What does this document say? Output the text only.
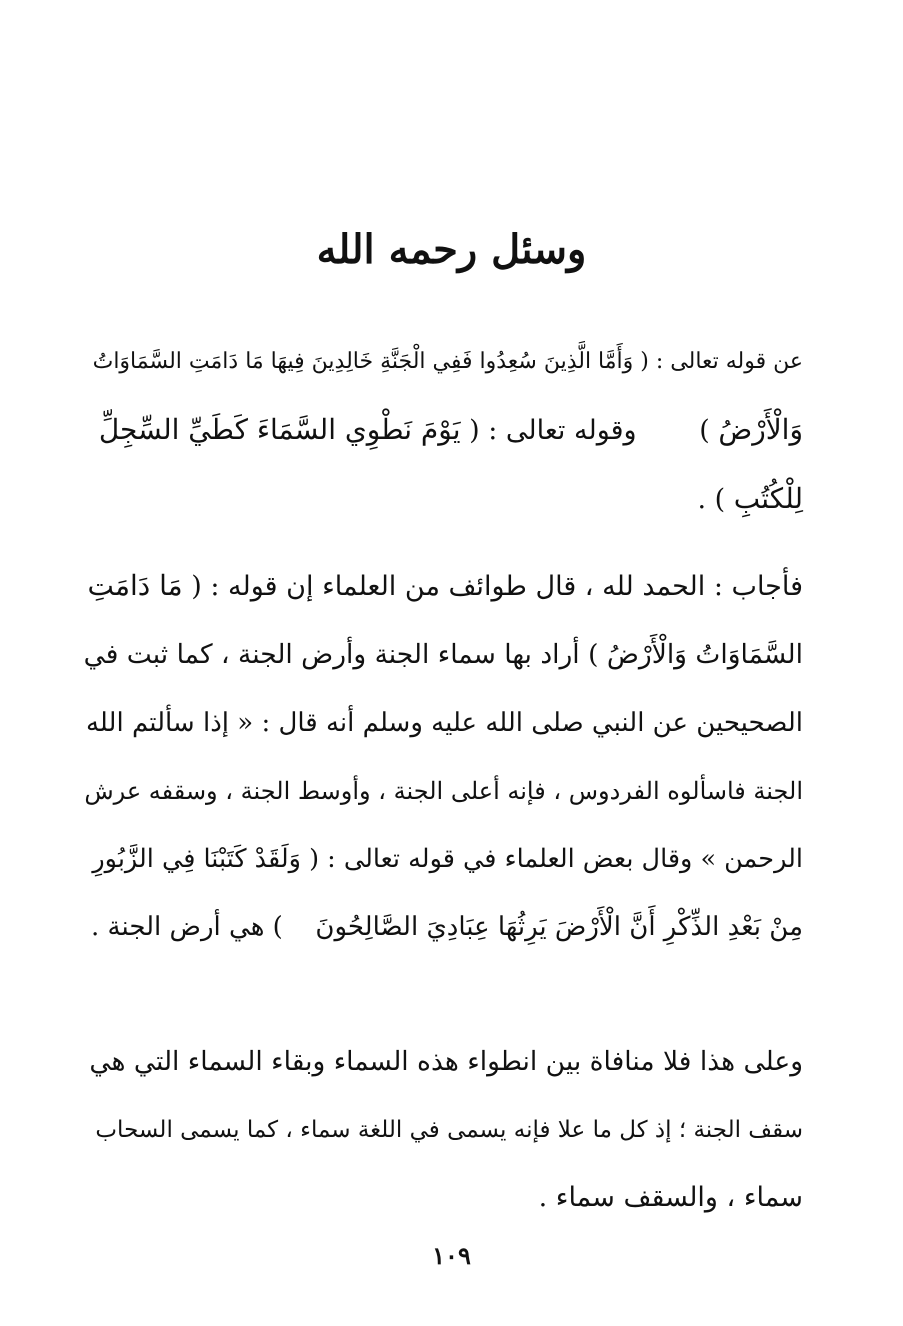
وسئل رحمه الله
عن قوله تعالى : ( وَأَمَّا الَّذِينَ سُعِدُوا فَفِي الْجَنَّةِ خَالِدِينَ فِيهَا مَا دَامَتِ السَّمَاوَاتُ
وَالْأَرْضُ ) وقوله تعالى : ( يَوْمَ نَطْوِي السَّمَاءَ كَطَيِّ السِّجِلِّ
لِلْكُتُبِ ) .
فأجاب : الحمد لله ، قال طوائف من العلماء إن قوله : ( مَا دَامَتِ
السَّمَاوَاتُ وَالْأَرْضُ ) أراد بها سماء الجنة وأرض الجنة ، كما ثبت في
الصحيحين عن النبي صلى الله عليه وسلم أنه قال : « إذا سألتم الله
الجنة فاسألوه الفردوس ، فإنه أعلى الجنة ، وأوسط الجنة ، وسقفه عرش
الرحمن » وقال بعض العلماء في قوله تعالى : ( وَلَقَدْ كَتَبْنَا فِي الزَّبُورِ
مِنْ بَعْدِ الذِّكْرِ أَنَّ الْأَرْضَ يَرِثُهَا عِبَادِيَ الصَّالِحُونَ  ) هي أرض الجنة .
وعلى هذا فلا منافاة بين انطواء هذه السماء وبقاء السماء التي هي
سقف الجنة ؛ إذ كل ما علا فإنه يسمى في اللغة سماء ، كما يسمى السحاب
سماء ، والسقف سماء .
١٠٩
